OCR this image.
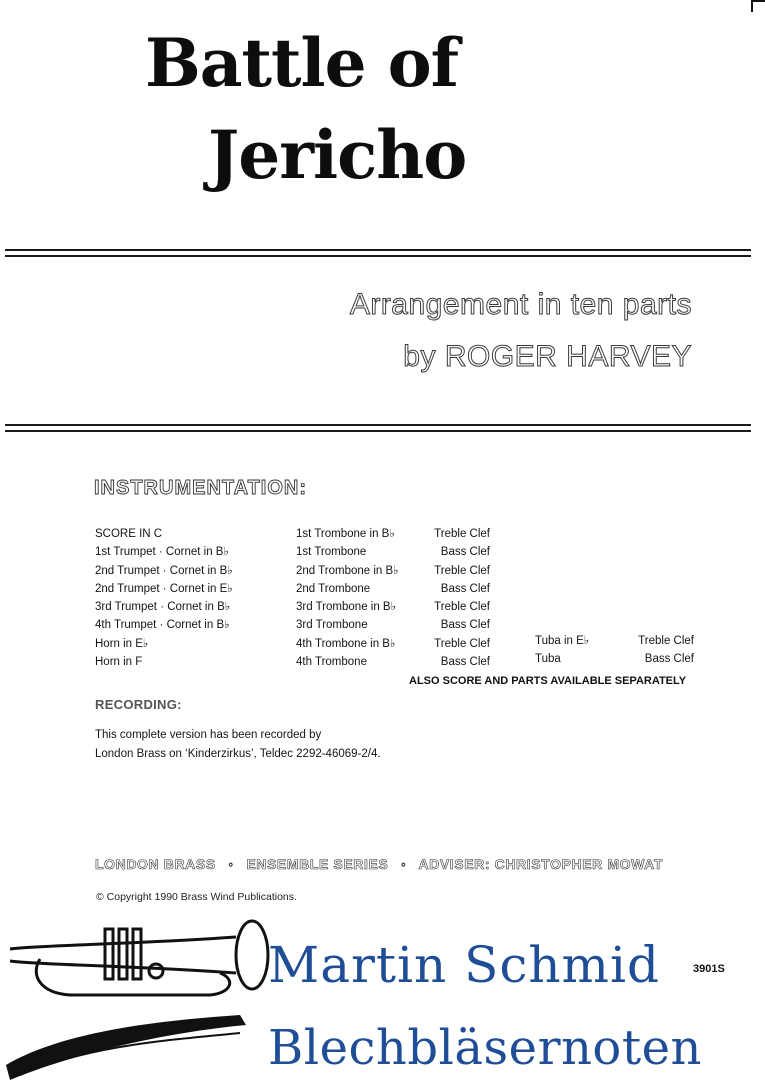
Battle of
Jericho
Arrangement in ten parts
by ROGER HARVEY
INSTRUMENTATION:
SCORE IN C
1st Trumpet · Cornet in B♭
2nd Trumpet · Cornet in B♭
2nd Trumpet · Cornet in E♭
3rd Trumpet · Cornet in B♭
4th Trumpet · Cornet in B♭
Horn in E♭
Horn in F
1st Trombone in B♭
1st Trombone
2nd Trombone in B♭
2nd Trombone
3rd Trombone in B♭
3rd Trombone
4th Trombone in B♭
4th Trombone
Treble Clef
Bass Clef
Treble Clef
Bass Clef
Treble Clef
Bass Clef
Treble Clef
Bass Clef
Tuba in E♭
Tuba
Treble Clef
Bass Clef
ALSO SCORE AND PARTS AVAILABLE SEPARATELY
RECORDING:
This complete version has been recorded by
London Brass on ‘Kinderzirkus’, Teldec 2292-46069-2/4.
LONDON BRASS ◦ ENSEMBLE SERIES ◦ ADVISER: CHRISTOPHER MOWAT
© Copyright 1990 Brass Wind Publications.
Martin Schmid
Blechbläsernoten
3901S
